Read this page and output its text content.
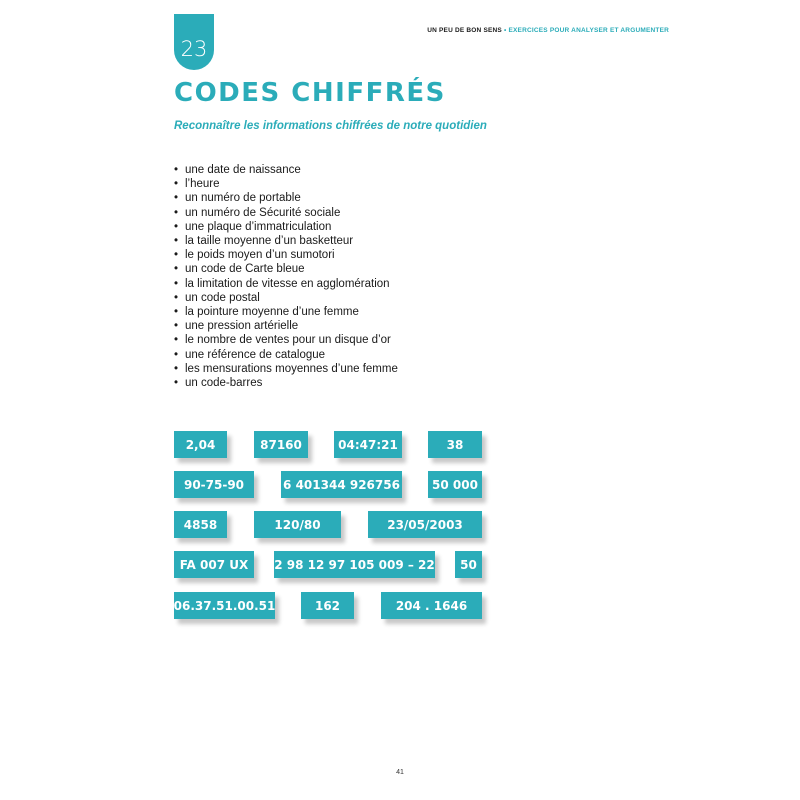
23
UN PEU DE BON SENS • EXERCICES POUR ANALYSER ET ARGUMENTER
CODES CHIFFRÉS

Reconnaître les informations chiffrées de notre quotidien

• une date de naissance
• l’heure
• un numéro de portable
• un numéro de Sécurité sociale
• une plaque d’immatriculation
• la taille moyenne d’un basketteur
• le poids moyen d’un sumotori
• un code de Carte bleue
• la limitation de vitesse en agglomération
• un code postal
• la pointure moyenne d’une femme
• une pression artérielle
• le nombre de ventes pour un disque d’or
• une référence de catalogue
• les mensurations moyennes d’une femme
• un code-barres
2,04	87160	04:47:21	38
90-75-90	6 401344 926756	50 000
4858	120/80	23/05/2003
FA 007 UX	2 98 12 97 105 009 – 22	50
06.37.51.00.51	162	204 . 1646
41
